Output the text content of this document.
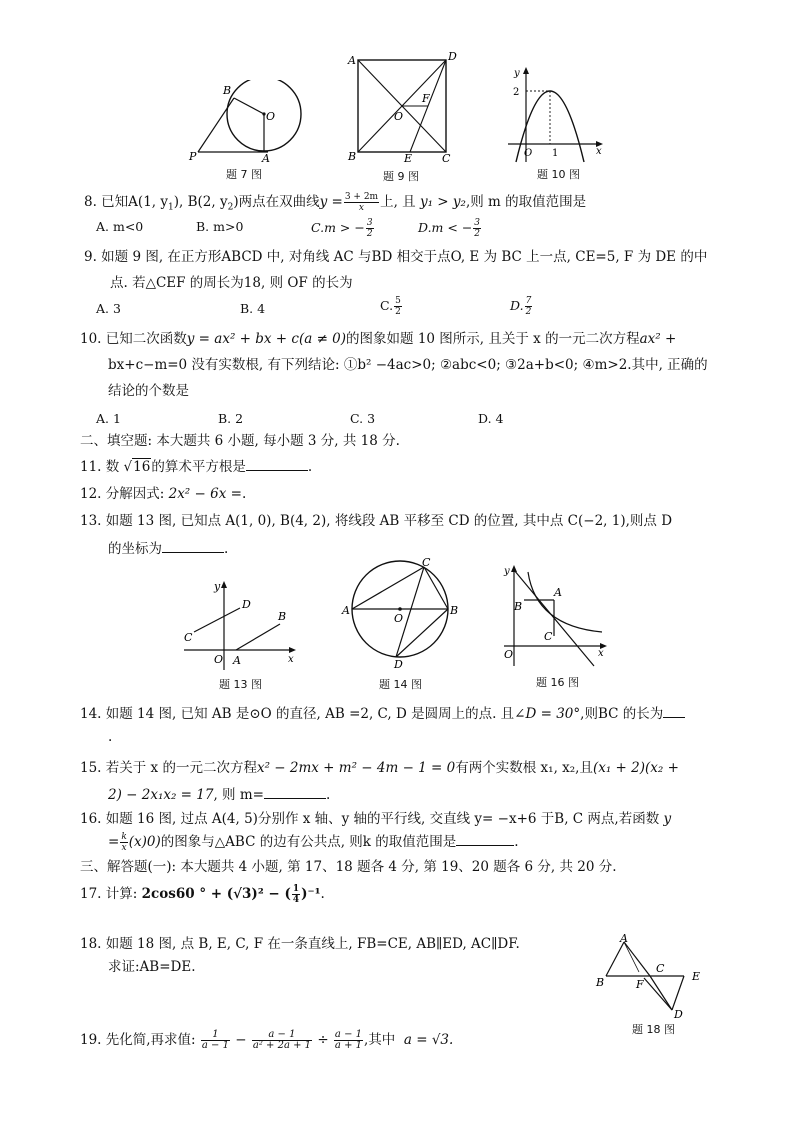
B
O
P	A
题 7 图
A	D
F
O
B	E	C
题 9 图
y
2
O 1	x
题 10 图
8. 已知A(1, $y_1$), B(2, $y_2$)两点在双曲线$y = \frac{3 + 2m}{x}$ 上, 且 y₁ > y₂,则 m 的取值范围是
A. m<0	B. m>0	C.m > − $\frac{3}{2}$	D.m < − $\frac{3}{2}$
9. 如题 9 图, 在正方形ABCD 中, 对角线 AC 与BD 相交于点O, E 为 BC 上一点, CE=5, F 为 DE 的中
点. 若△CEF 的周长为18, 则 OF 的长为
A. 3	B. 4	C. $\frac{5}{2}$	D. $\frac{7}{2}$
10. 已知二次函数y = ax² + bx + c(a ≠ 0)的图象如题 10 图所示, 且关于 x 的一元二次方程ax² +
bx+c−m=0 没有实数根, 有下列结论: ①b² −4ac>0; ②abc<0; ③2a+b<0; ④m>2.其中, 正确的
结论的个数是
A. 1	B. 2	C. 3	D. 4
二、填空题: 本大题共 6 小题, 每小题 3 分, 共 18 分.
11. 数 √16的算术平方根是	.
12. 分解因式: 2x² − 6x =.
13. 如题 13 图, 已知点 A(1, 0), B(4, 2), 将线段 AB 平移至 CD 的位置, 其中点 C(−2, 1),则点 D
的坐标为	.
y
D
B
C
O A	x
题 13 图
C
A	B
O
D
题 14 图
y
A
B
C
O	x
题 16 图
14. 如题 14 图, 已知 AB 是⊙O 的直径, AB =2, C, D 是圆周上的点. 且∠D = 30°,则BC 的长为
.
15. 若关于 x 的一元二次方程x² − 2mx + m² − 4m − 1 = 0有两个实数根 x₁, x₂,且(x₁ + 2)(x₂ +
2) − 2x₁x₂ = 17, 则 m=	.
16. 如题 16 图, 过点 A(4, 5)分别作 x 轴、y 轴的平行线, 交直线 y= −x+6 于B, C 两点,若函数 y
= $\frac{k}{x} (x)0$)的图象与△ABC 的边有公共点, 则k 的取值范围是	.
三、解答题(一): 本大题共 4 小题, 第 17、18 题各 4 分, 第 19、20 题各 6 分, 共 20 分.
17. 计算: 2cos60 ° + (√3)² − ( $\frac{1}{4} )^{-1}$.
18. 如题 18 图, 点 B, E, C, F 在一条直线上, FB=CE, AB∥ED, AC∥DF.
求证:AB=DE.
A
B
C
F
E
D
题 18 图
19. 先化简,再求值: $\frac{1}{a - 1} - \frac{a - 1}{\text{a² + 2a + 1}} \div \frac{a - 1}{a + 1}$ ,其中 a = √3.
